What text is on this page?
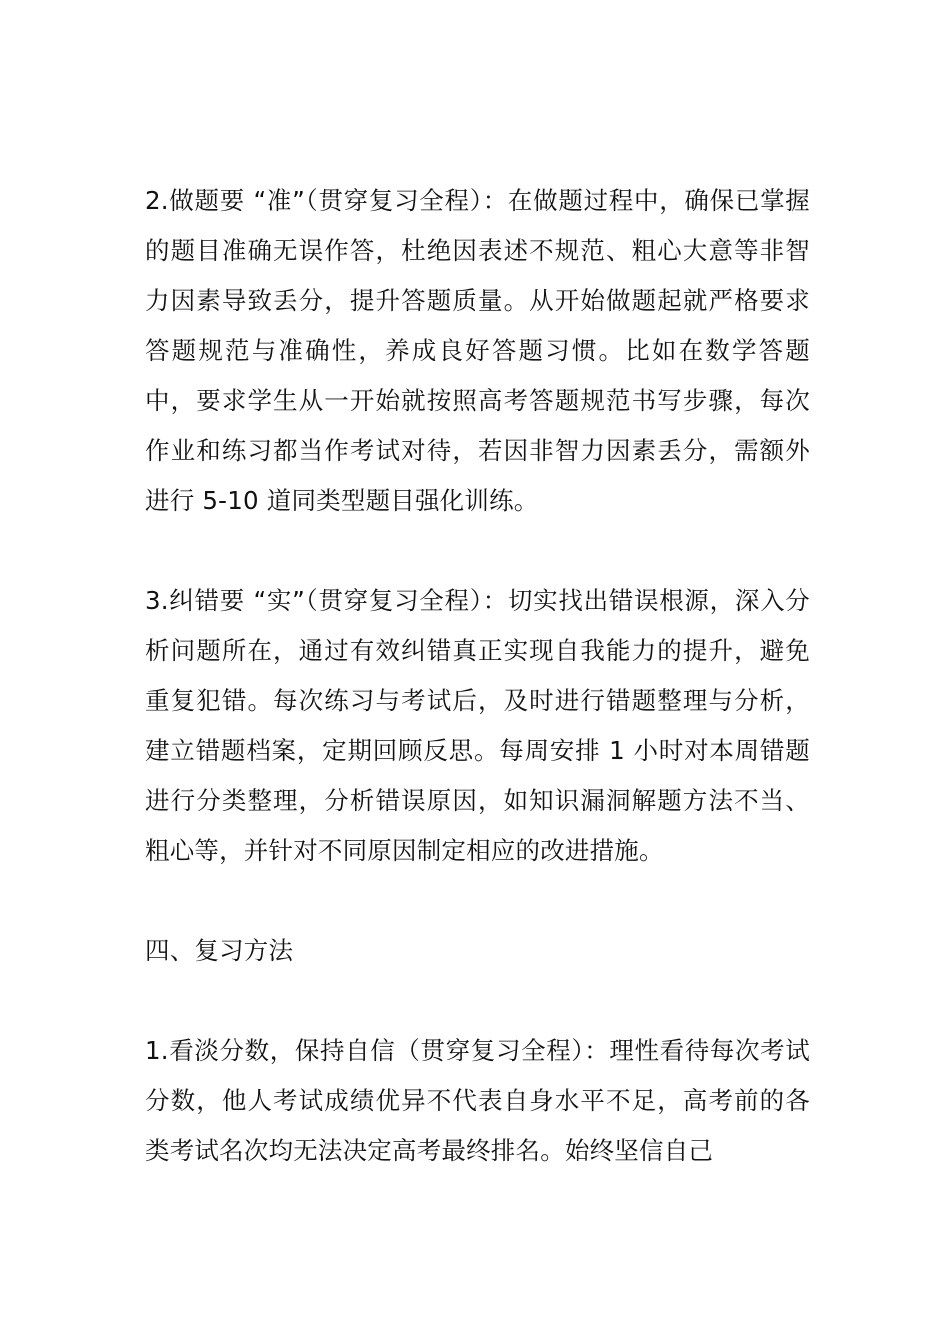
2.做题要 “准”（贯穿复习全程）：在做题过程中，确保已掌握的题目准确无误作答，杜绝因表述不规范、粗心大意等非智力因素导致丢分，提升答题质量。从开始做题起就严格要求答题规范与准确性，养成良好答题习惯。比如在数学答题中，要求学生从一开始就按照高考答题规范书写步骤，每次作业和练习都当作考试对待，若因非智力因素丢分，需额外进行 5-10 道同类型题目强化训练。

3.纠错要 “实”（贯穿复习全程）：切实找出错误根源，深入分析问题所在，通过有效纠错真正实现自我能力的提升，避免重复犯错。每次练习与考试后，及时进行错题整理与分析，建立错题档案，定期回顾反思。每周安排 1 小时对本周错题进行分类整理，分析错误原因，如知识漏洞解题方法不当、粗心等，并针对不同原因制定相应的改进措施。

四、复习方法

1.看淡分数，保持自信（贯穿复习全程）：理性看待每次考试分数，他人考试成绩优异不代表自身水平不足，高考前的各类考试名次均无法决定高考最终排名。始终坚信自己
